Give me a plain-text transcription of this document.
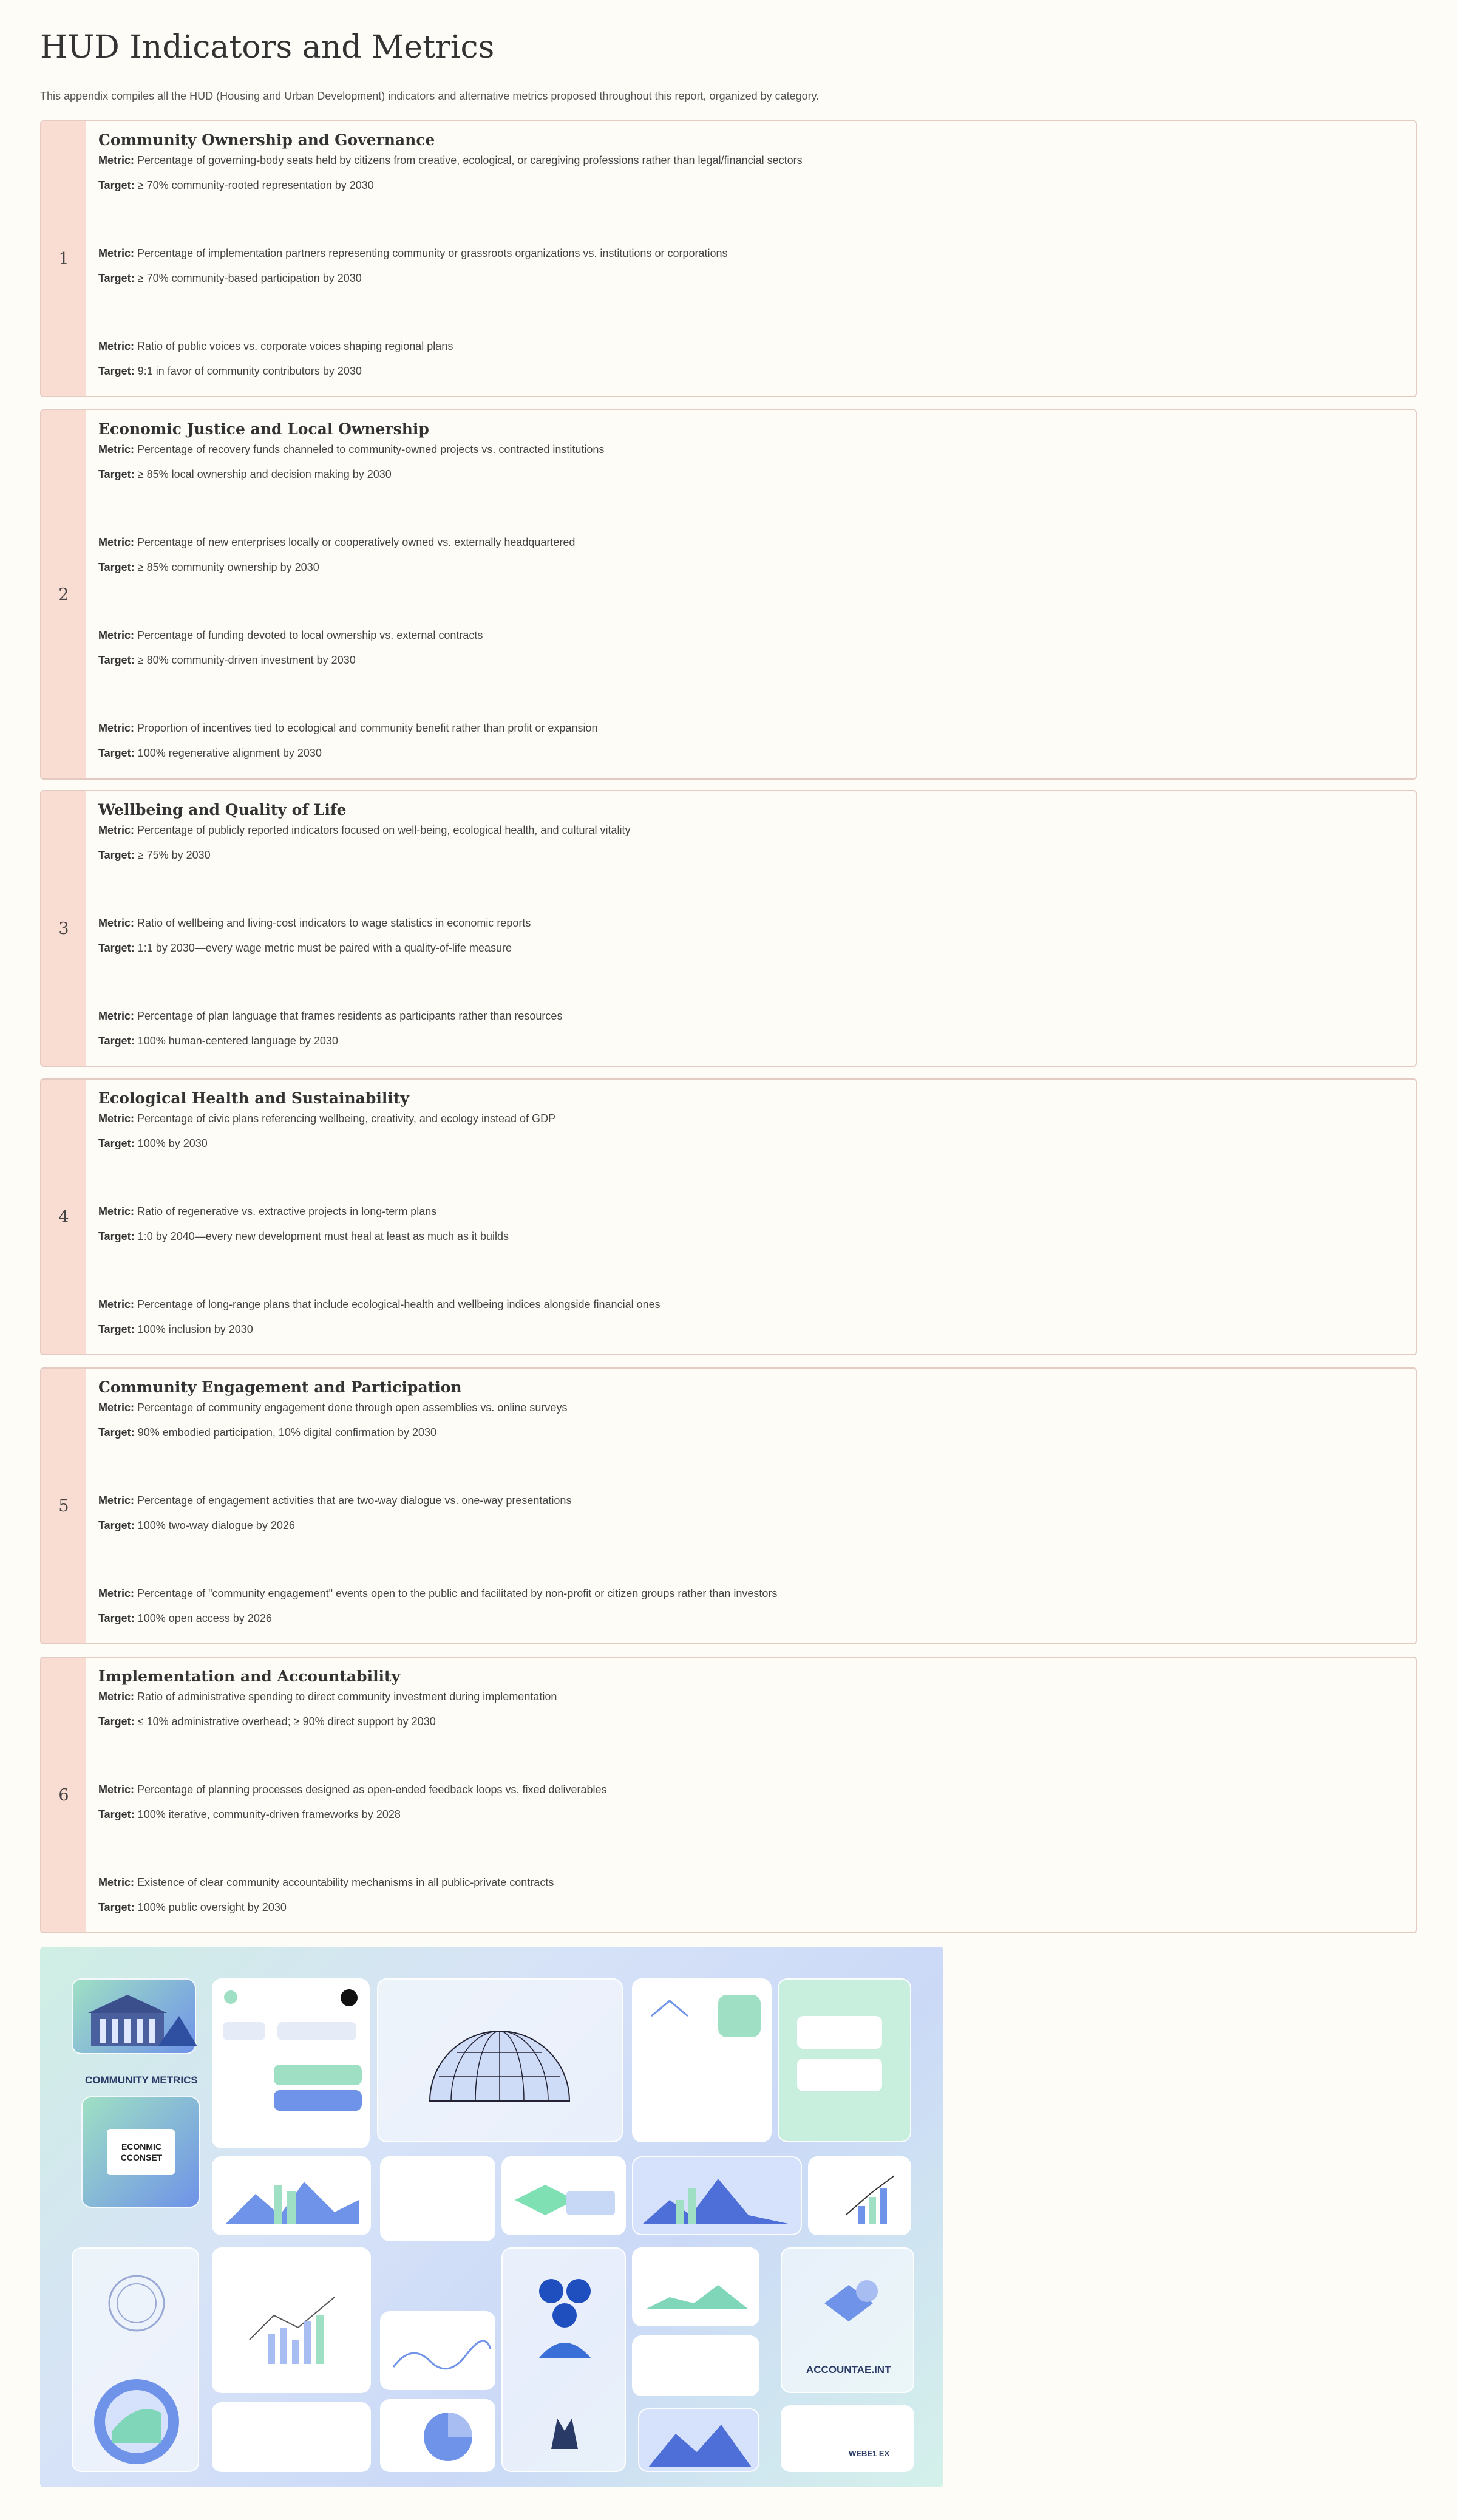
HUD Indicators and Metrics

This appendix compiles all the HUD (Housing and Urban Development) indicators and alternative metrics proposed throughout this report, organized by category.

1
Community Ownership and Governance

Metric: Percentage of governing-body seats held by citizens from creative, ecological, or caregiving professions rather than legal/financial sectors

Target: ≥ 70% community-rooted representation by 2030

Metric: Percentage of implementation partners representing community or grassroots organizations vs. institutions or corporations

Target: ≥ 70% community-based participation by 2030

Metric: Ratio of public voices vs. corporate voices shaping regional plans

Target: 9:1 in favor of community contributors by 2030

2
Economic Justice and Local Ownership

Metric: Percentage of recovery funds channeled to community-owned projects vs. contracted institutions

Target: ≥ 85% local ownership and decision making by 2030

Metric: Percentage of new enterprises locally or cooperatively owned vs. externally headquartered

Target: ≥ 85% community ownership by 2030

Metric: Percentage of funding devoted to local ownership vs. external contracts

Target: ≥ 80% community-driven investment by 2030

Metric: Proportion of incentives tied to ecological and community benefit rather than profit or expansion

Target: 100% regenerative alignment by 2030

3
Wellbeing and Quality of Life

Metric: Percentage of publicly reported indicators focused on well-being, ecological health, and cultural vitality

Target: ≥ 75% by 2030

Metric: Ratio of wellbeing and living-cost indicators to wage statistics in economic reports

Target: 1:1 by 2030—every wage metric must be paired with a quality-of-life measure

Metric: Percentage of plan language that frames residents as participants rather than resources

Target: 100% human-centered language by 2030

4
Ecological Health and Sustainability

Metric: Percentage of civic plans referencing wellbeing, creativity, and ecology instead of GDP

Target: 100% by 2030

Metric: Ratio of regenerative vs. extractive projects in long-term plans

Target: 1:0 by 2040—every new development must heal at least as much as it builds

Metric: Percentage of long-range plans that include ecological-health and wellbeing indices alongside financial ones

Target: 100% inclusion by 2030

5
Community Engagement and Participation

Metric: Percentage of community engagement done through open assemblies vs. online surveys

Target: 90% embodied participation, 10% digital confirmation by 2030

Metric: Percentage of engagement activities that are two-way dialogue vs. one-way presentations

Target: 100% two-way dialogue by 2026

Metric: Percentage of "community engagement" events open to the public and facilitated by non-profit or citizen groups rather than investors

Target: 100% open access by 2026

6
Implementation and Accountability

Metric: Ratio of administrative spending to direct community investment during implementation

Target: ≤ 10% administrative overhead; ≥ 90% direct support by 2030

Metric: Percentage of planning processes designed as open-ended feedback loops vs. fixed deliverables

Target: 100% iterative, community-driven frameworks by 2028

Metric: Existence of clear community accountability mechanisms in all public-private contracts

Target: 100% public oversight by 2030

COMMUNITY METRICS
ECONMIC CCONSET
ACCOUNTAE.INT
WEBE1 EX
